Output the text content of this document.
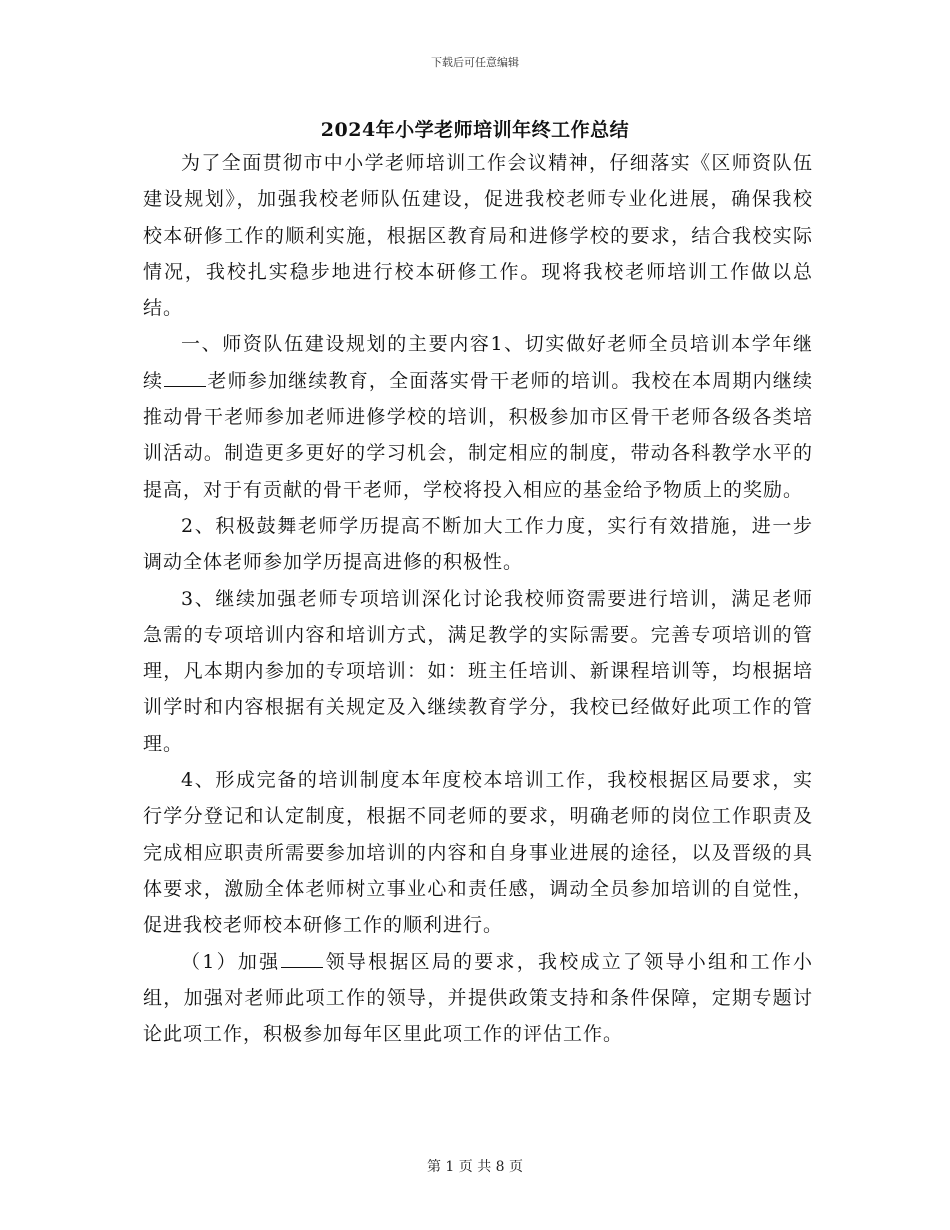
下载后可任意编辑
2024年小学老师培训年终工作总结

为了全面贯彻市中小学老师培训工作会议精神，仔细落实《区师资队伍建设规划》，加强我校老师队伍建设，促进我校老师专业化进展，确保我校校本研修工作的顺利实施，根据区教育局和进修学校的要求，结合我校实际情况，我校扎实稳步地进行校本研修工作。现将我校老师培训工作做以总结。

一、师资队伍建设规划的主要内容1、切实做好老师全员培训本学年继续 老师参加继续教育，全面落实骨干老师的培训。我校在本周期内继续推动骨干老师参加老师进修学校的培训，积极参加市区骨干老师各级各类培训活动。制造更多更好的学习机会，制定相应的制度，带动各科教学水平的提高，对于有贡献的骨干老师，学校将投入相应的基金给予物质上的奖励。

2、积极鼓舞老师学历提高不断加大工作力度，实行有效措施，进一步调动全体老师参加学历提高进修的积极性。

3、继续加强老师专项培训深化讨论我校师资需要进行培训，满足老师急需的专项培训内容和培训方式，满足教学的实际需要。完善专项培训的管理，凡本期内参加的专项培训：如：班主任培训、新课程培训等，均根据培训学时和内容根据有关规定及入继续教育学分，我校已经做好此项工作的管理。

4、形成完备的培训制度本年度校本培训工作，我校根据区局要求，实行学分登记和认定制度，根据不同老师的要求，明确老师的岗位工作职责及完成相应职责所需要参加培训的内容和自身事业进展的途径，以及晋级的具体要求，激励全体老师树立事业心和责任感，调动全员参加培训的自觉性，促进我校老师校本研修工作的顺利进行。

（1）加强 领导根据区局的要求，我校成立了领导小组和工作小组，加强对老师此项工作的领导，并提供政策支持和条件保障，定期专题讨论此项工作，积极参加每年区里此项工作的评估工作。

第 1 页 共 8 页
